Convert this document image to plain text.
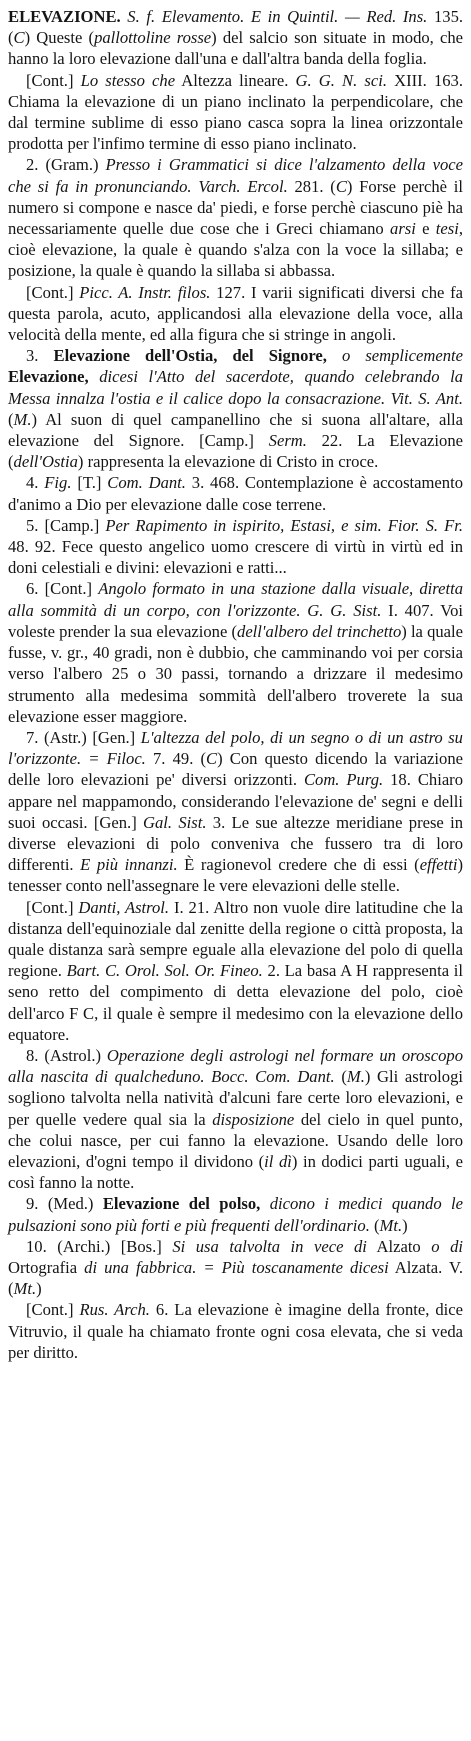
ELEVAZIONE. S. f. Elevamento. E in Quintil. — Red. Ins. 135. (C) Queste (pallottoline rosse) del salcio son situate in modo, che hanno la loro elevazione dall'una e dall'altra banda della foglia.

[Cont.] Lo stesso che Altezza lineare. G. G. N. sci. XIII. 163. Chiama la elevazione di un piano inclinato la perpendicolare, che dal termine sublime di esso piano casca sopra la linea orizzontale prodotta per l'infimo termine di esso piano inclinato.

2. (Gram.) Presso i Grammatici si dice l'alzamento della voce che si fa in pronunciando. Varch. Ercol. 281. (C) Forse perchè il numero si compone e nasce da' piedi, e forse perchè ciascuno piè ha necessariamente quelle due cose che i Greci chiamano arsi e tesi, cioè elevazione, la quale è quando s'alza con la voce la sillaba; e posizione, la quale è quando la sillaba si abbassa.

[Cont.] Picc. A. Instr. filos. 127. I varii significati diversi che fa questa parola, acuto, applicandosi alla elevazione della voce, alla velocità della mente, ed alla figura che si stringe in angoli.

3. Elevazione dell'Ostia, del Signore, o semplicemente Elevazione, dicesi l'Atto del sacerdote, quando celebrando la Messa innalza l'ostia e il calice dopo la consacrazione. Vit. S. Ant. (M.) Al suon di quel campanellino che si suona all'altare, alla elevazione del Signore. [Camp.] Serm. 22. La Elevazione (dell'Ostia) rappresenta la elevazione di Cristo in croce.

4. Fig. [T.] Com. Dant. 3. 468. Contemplazione è accostamento d'animo a Dio per elevazione dalle cose terrene.

5. [Camp.] Per Rapimento in ispirito, Estasi, e sim. Fior. S. Fr. 48. 92. Fece questo angelico uomo crescere di virtù in virtù ed in doni celestiali e divini: elevazioni e ratti...

6. [Cont.] Angolo formato in una stazione dalla visuale, diretta alla sommità di un corpo, con l'orizzonte. G. G. Sist. I. 407. Voi voleste prender la sua elevazione (dell'albero del trinchetto) la quale fusse, v. gr., 40 gradi, non è dubbio, che camminando voi per corsia verso l'albero 25 o 30 passi, tornando a drizzare il medesimo strumento alla medesima sommità dell'albero troverete la sua elevazione esser maggiore.

7. (Astr.) [Gen.] L'altezza del polo, di un segno o di un astro su l'orizzonte. = Filoc. 7. 49. (C) Con questo dicendo la variazione delle loro elevazioni pe' diversi orizzonti. Com. Purg. 18. Chiaro appare nel mappamondo, considerando l'elevazione de' segni e delli suoi occasi. [Gen.] Gal. Sist. 3. Le sue altezze meridiane prese in diverse elevazioni di polo conveniva che fussero tra di loro differenti. E più innanzi. È ragionevol credere che di essi (effetti) tenesser conto nell'assegnare le vere elevazioni delle stelle.

[Cont.] Danti, Astrol. I. 21. Altro non vuole dire latitudine che la distanza dell'equinoziale dal zenitte della regione o città proposta, la quale distanza sarà sempre eguale alla elevazione del polo di quella regione. Bart. C. Orol. Sol. Or. Fineo. 2. La basa A H rappresenta il seno retto del compimento di detta elevazione del polo, cioè dell'arco F C, il quale è sempre il medesimo con la elevazione dello equatore.

8. (Astrol.) Operazione degli astrologi nel formare un oroscopo alla nascita di qualcheduno. Bocc. Com. Dant. (M.) Gli astrologi sogliono talvolta nella natività d'alcuni fare certe loro elevazioni, e per quelle vedere qual sia la disposizione del cielo in quel punto, che colui nasce, per cui fanno la elevazione. Usando delle loro elevazioni, d'ogni tempo il dividono (il dì) in dodici parti uguali, e così fanno la notte.

9. (Med.) Elevazione del polso, dicono i medici quando le pulsazioni sono più forti e più frequenti dell'ordinario. (Mt.)

10. (Archi.) [Bos.] Si usa talvolta in vece di Alzato o di Ortografia di una fabbrica. = Più toscanamente dicesi Alzata. V. (Mt.)

[Cont.] Rus. Arch. 6. La elevazione è imagine della fronte, dice Vitruvio, il quale ha chiamato fronte ogni cosa elevata, che si veda per diritto.
